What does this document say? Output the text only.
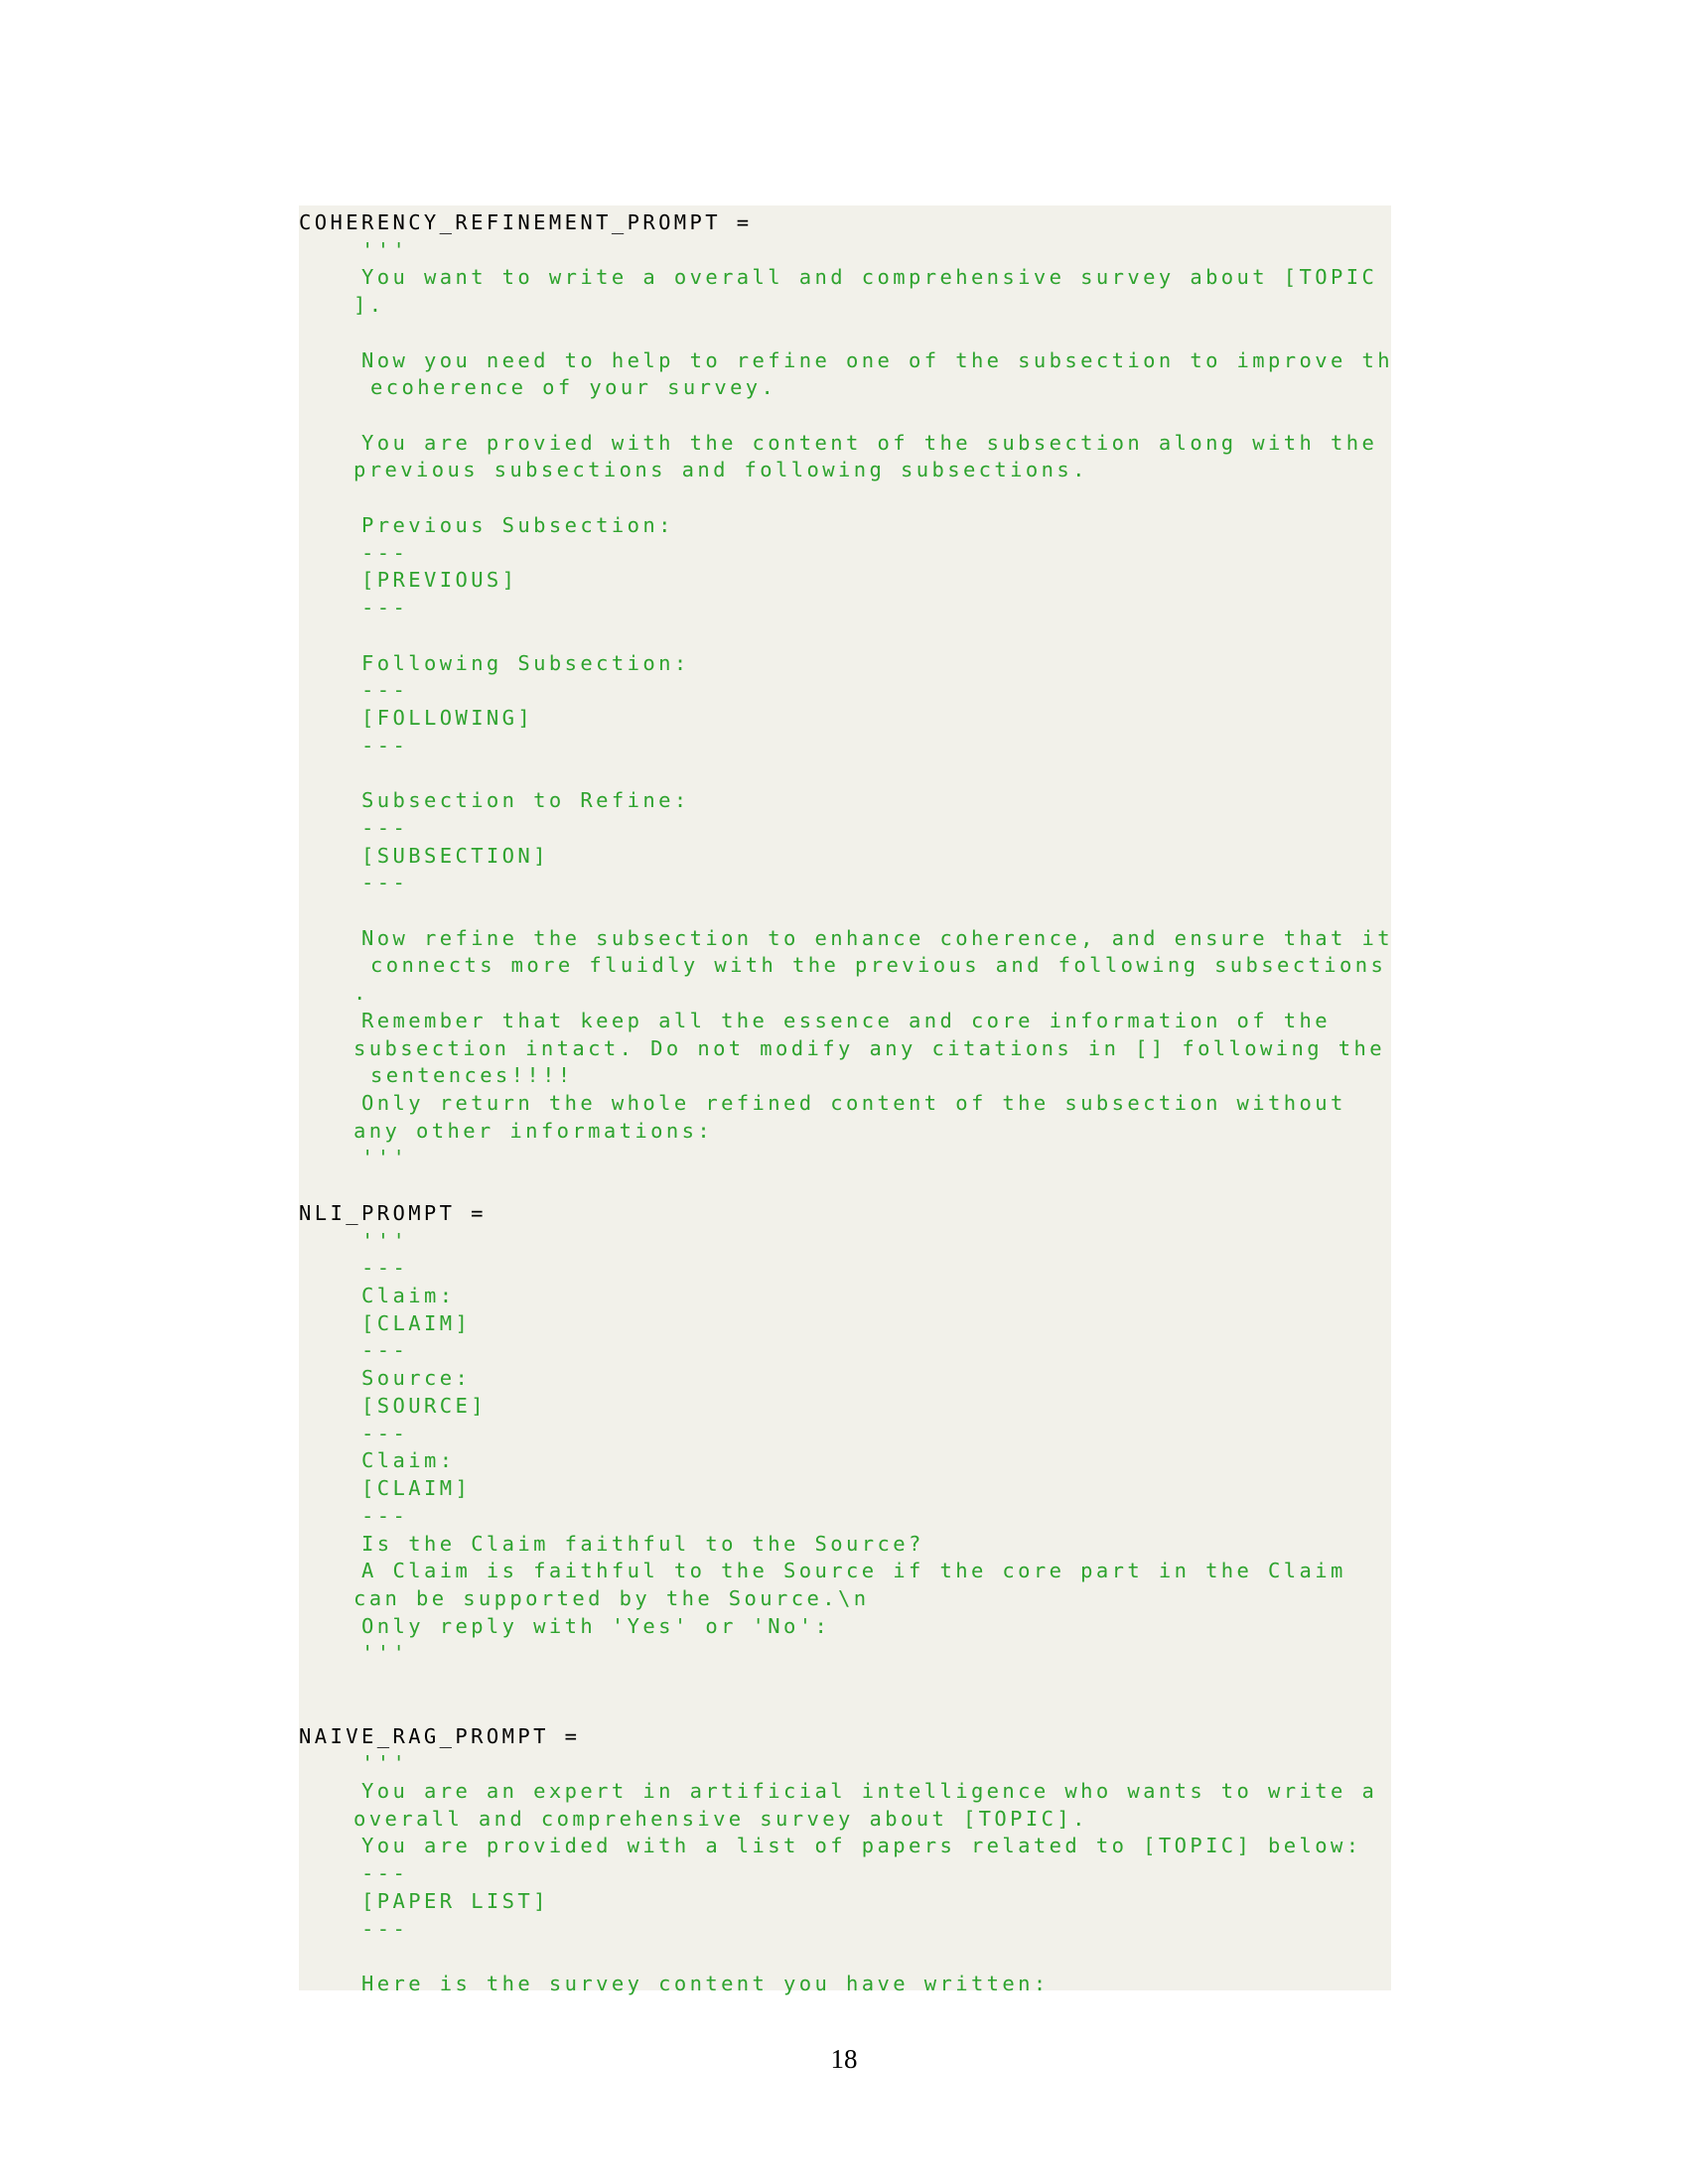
COHERENCY_REFINEMENT_PROMPT =
'''
You want to write a overall and comprehensive survey about [TOPIC
].
Now you need to help to refine one of the subsection to improve th
ecoherence of your survey.
You are provied with the content of the subsection along with the
previous subsections and following subsections.
Previous Subsection:
---
[PREVIOUS]
---
Following Subsection:
---
[FOLLOWING]
---
Subsection to Refine:
---
[SUBSECTION]
---
Now refine the subsection to enhance coherence, and ensure that it
connects more fluidly with the previous and following subsections
.
Remember that keep all the essence and core information of the
subsection intact. Do not modify any citations in [] following the
sentences!!!!
Only return the whole refined content of the subsection without
any other informations:
'''
NLI_PROMPT =
'''
---
Claim:
[CLAIM]
---
Source:
[SOURCE]
---
Claim:
[CLAIM]
---
Is the Claim faithful to the Source?
A Claim is faithful to the Source if the core part in the Claim
can be supported by the Source.\n
Only reply with 'Yes' or 'No':
'''
NAIVE_RAG_PROMPT =
'''
You are an expert in artificial intelligence who wants to write a
overall and comprehensive survey about [TOPIC].
You are provided with a list of papers related to [TOPIC] below:
---
[PAPER LIST]
---
Here is the survey content you have written:
18
